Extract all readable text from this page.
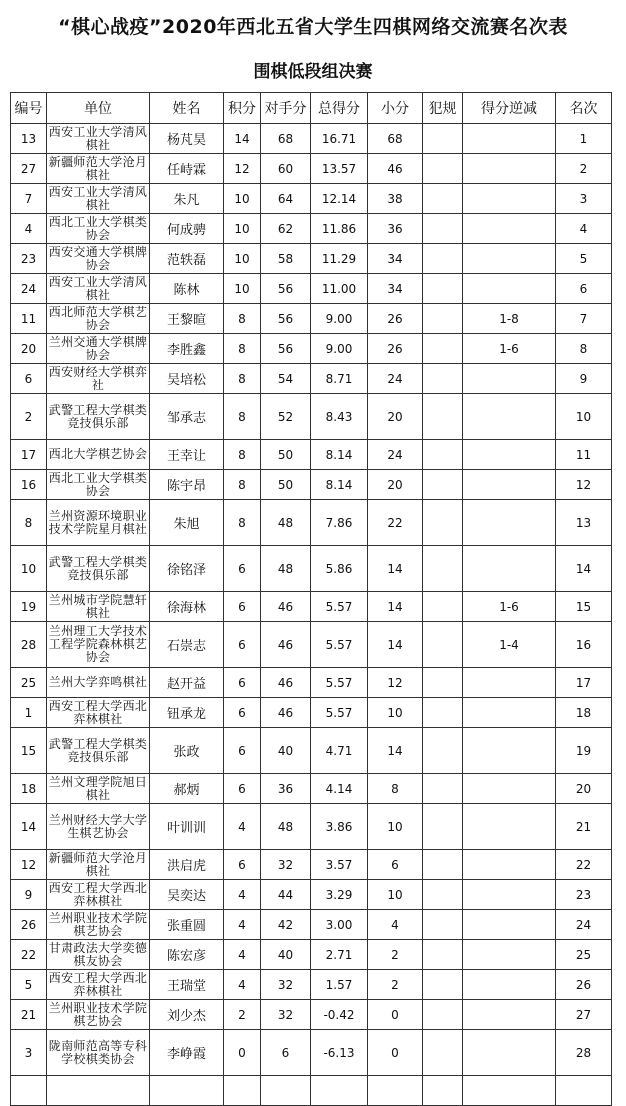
“棋心战疫”2020年西北五省大学生四棋网络交流赛名次表
围棋低段组决赛
编号	单位	姓名	积分	对手分	总得分	小分	犯规	得分逆减	名次
13	西安工业大学清风棋社	杨芃昊	14	68	16.71	68			1
27	新疆师范大学沧月棋社	任峙霖	12	60	13.57	46			2
7	西安工业大学清风棋社	朱凡	10	64	12.14	38			3
4	西北工业大学棋类协会	何成骋	10	62	11.86	36			4
23	西安交通大学棋牌协会	范轶磊	10	58	11.29	34			5
24	西安工业大学清风棋社	陈林	10	56	11.00	34			6
11	西北师范大学棋艺协会	王黎暄	8	56	9.00	26		1-8	7
20	兰州交通大学棋牌协会	李胜鑫	8	56	9.00	26		1-6	8
6	西安财经大学棋弈社	吴培松	8	54	8.71	24			9
2	武警工程大学棋类竞技俱乐部	邹承志	8	52	8.43	20			10
17	西北大学棋艺协会	王幸让	8	50	8.14	24			11
16	西北工业大学棋类协会	陈宇昂	8	50	8.14	20			12
8	兰州资源环境职业技术学院星月棋社	朱旭	8	48	7.86	22			13
10	武警工程大学棋类竞技俱乐部	徐铭泽	6	48	5.86	14			14
19	兰州城市学院慧轩棋社	徐海林	6	46	5.57	14		1-6	15
28	兰州理工大学技术工程学院森林棋艺协会	石崇志	6	46	5.57	14		1-4	16
25	兰州大学弈鸣棋社	赵开益	6	46	5.57	12			17
1	西安工程大学西北弈林棋社	钮承龙	6	46	5.57	10			18
15	武警工程大学棋类竞技俱乐部	张政	6	40	4.71	14			19
18	兰州文理学院旭日棋社	郝炳	6	36	4.14	8			20
14	兰州财经大学大学生棋艺协会	叶训训	4	48	3.86	10			21
12	新疆师范大学沧月棋社	洪启虎	6	32	3.57	6			22
9	西安工程大学西北弈林棋社	吴奕达	4	44	3.29	10			23
26	兰州职业技术学院棋艺协会	张重圆	4	42	3.00	4			24
22	甘肃政法大学奕德棋友协会	陈宏彦	4	40	2.71	2			25
5	西安工程大学西北弈林棋社	王瑞堂	4	32	1.57	2			26
21	兰州职业技术学院棋艺协会	刘少杰	2	32	-0.42	0			27
3	陇南师范高等专科学校棋类协会	李峥霞	0	6	-6.13	0			28
